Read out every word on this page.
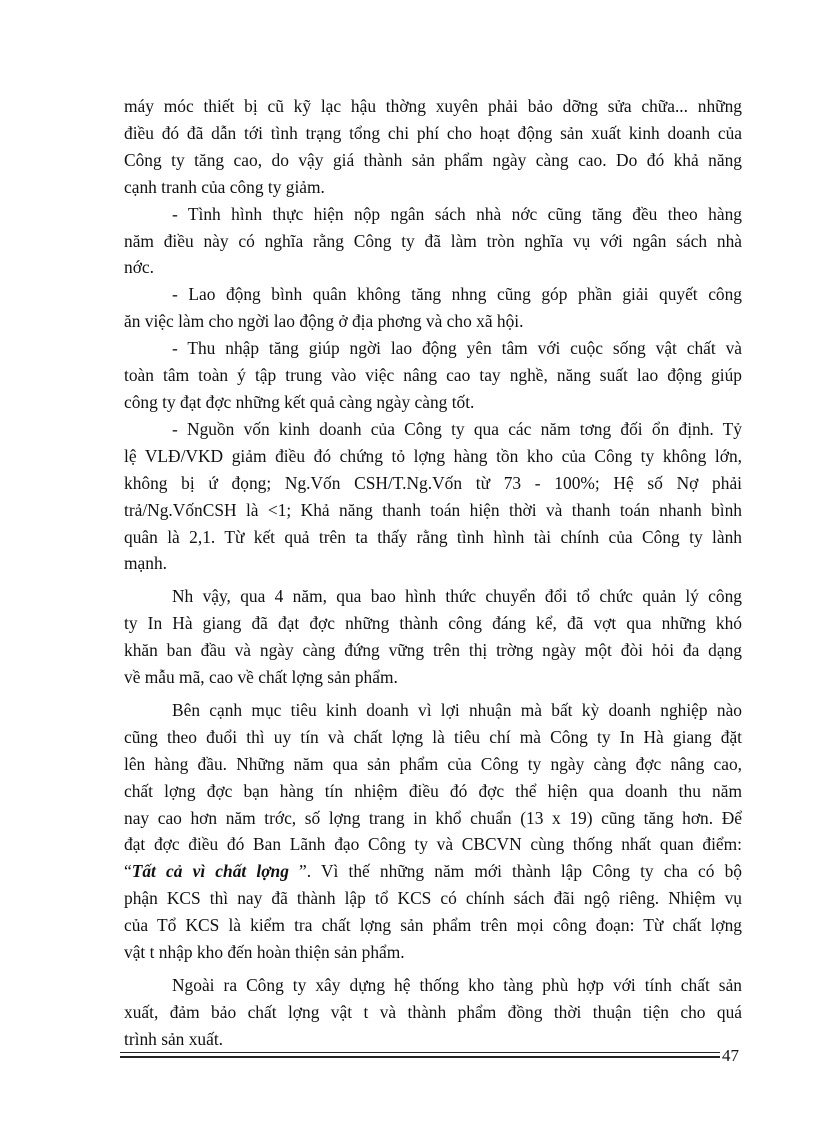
máy móc thiết bị cũ kỹ lạc hậu thờng xuyên phải bảo dỡng sửa chữa... những
điều đó đã dẫn tới tình trạng tổng chi phí cho hoạt động sản xuất kinh doanh của
Công ty tăng cao, do vậy giá thành sản phẩm ngày càng cao. Do đó khả năng
cạnh tranh của công ty giảm.

- Tình hình thực hiện nộp ngân sách nhà nớc cũng tăng đều theo hàng
năm điều này có nghĩa rằng Công ty đã làm tròn nghĩa vụ với ngân sách nhà
nớc.

- Lao động bình quân không tăng nhng cũng góp phần giải quyết công
ăn việc làm cho ngời lao động ở địa phơng và cho xã hội.

- Thu nhập tăng giúp ngời lao động yên tâm với cuộc sống vật chất và
toàn tâm toàn ý tập trung vào việc nâng cao tay nghề, năng suất lao động giúp
công ty đạt đợc những kết quả càng ngày càng tốt.

- Nguồn vốn kinh doanh của Công ty qua các năm tơng đối ổn định. Tỷ
lệ VLĐ/VKD giảm điều đó chứng tỏ lợng hàng tồn kho của Công ty không lớn,
không bị ứ đọng; Ng.Vốn CSH/T.Ng.Vốn từ 73 - 100%; Hệ số Nợ phải
trả/Ng.VốnCSH là <1; Khả năng thanh toán hiện thời và thanh toán nhanh bình
quân là 2,1. Từ kết quả trên ta thấy rằng tình hình tài chính của Công ty lành
mạnh.

Nh vậy, qua 4 năm, qua bao hình thức chuyển đổi tổ chức quản lý công
ty In Hà giang đã đạt đợc những thành công đáng kể, đã vợt qua những khó
khăn ban đầu và ngày càng đứng vững trên thị trờng ngày một đòi hỏi đa dạng
về mẫu mã, cao về chất lợng sản phẩm.

Bên cạnh mục tiêu kinh doanh vì lợi nhuận mà bất kỳ doanh nghiệp nào
cũng theo đuổi thì uy tín và chất lợng là tiêu chí mà Công ty In Hà giang đặt
lên hàng đầu. Những năm qua sản phẩm của Công ty ngày càng đợc nâng cao,
chất lợng đợc bạn hàng tín nhiệm điều đó đợc thể hiện qua doanh thu năm
nay cao hơn năm trớc, số lợng trang in khổ chuẩn (13 x 19) cũng tăng hơn. Để
đạt đợc điều đó Ban Lãnh đạo Công ty và CBCVN cùng thống nhất quan điểm:
“Tất cả vì chất lợng ”. Vì thế những năm mới thành lập Công ty cha có bộ
phận KCS thì nay đã thành lập tổ KCS có chính sách đãi ngộ riêng. Nhiệm vụ
của Tổ KCS là kiểm tra chất lợng sản phẩm trên mọi công đoạn: Từ chất lợng
vật t nhập kho đến hoàn thiện sản phẩm.

Ngoài ra Công ty xây dựng hệ thống kho tàng phù hợp với tính chất sản
xuất, đảm bảo chất lợng vật t và thành phẩm đồng thời thuận tiện cho quá
trình sản xuất.

47
